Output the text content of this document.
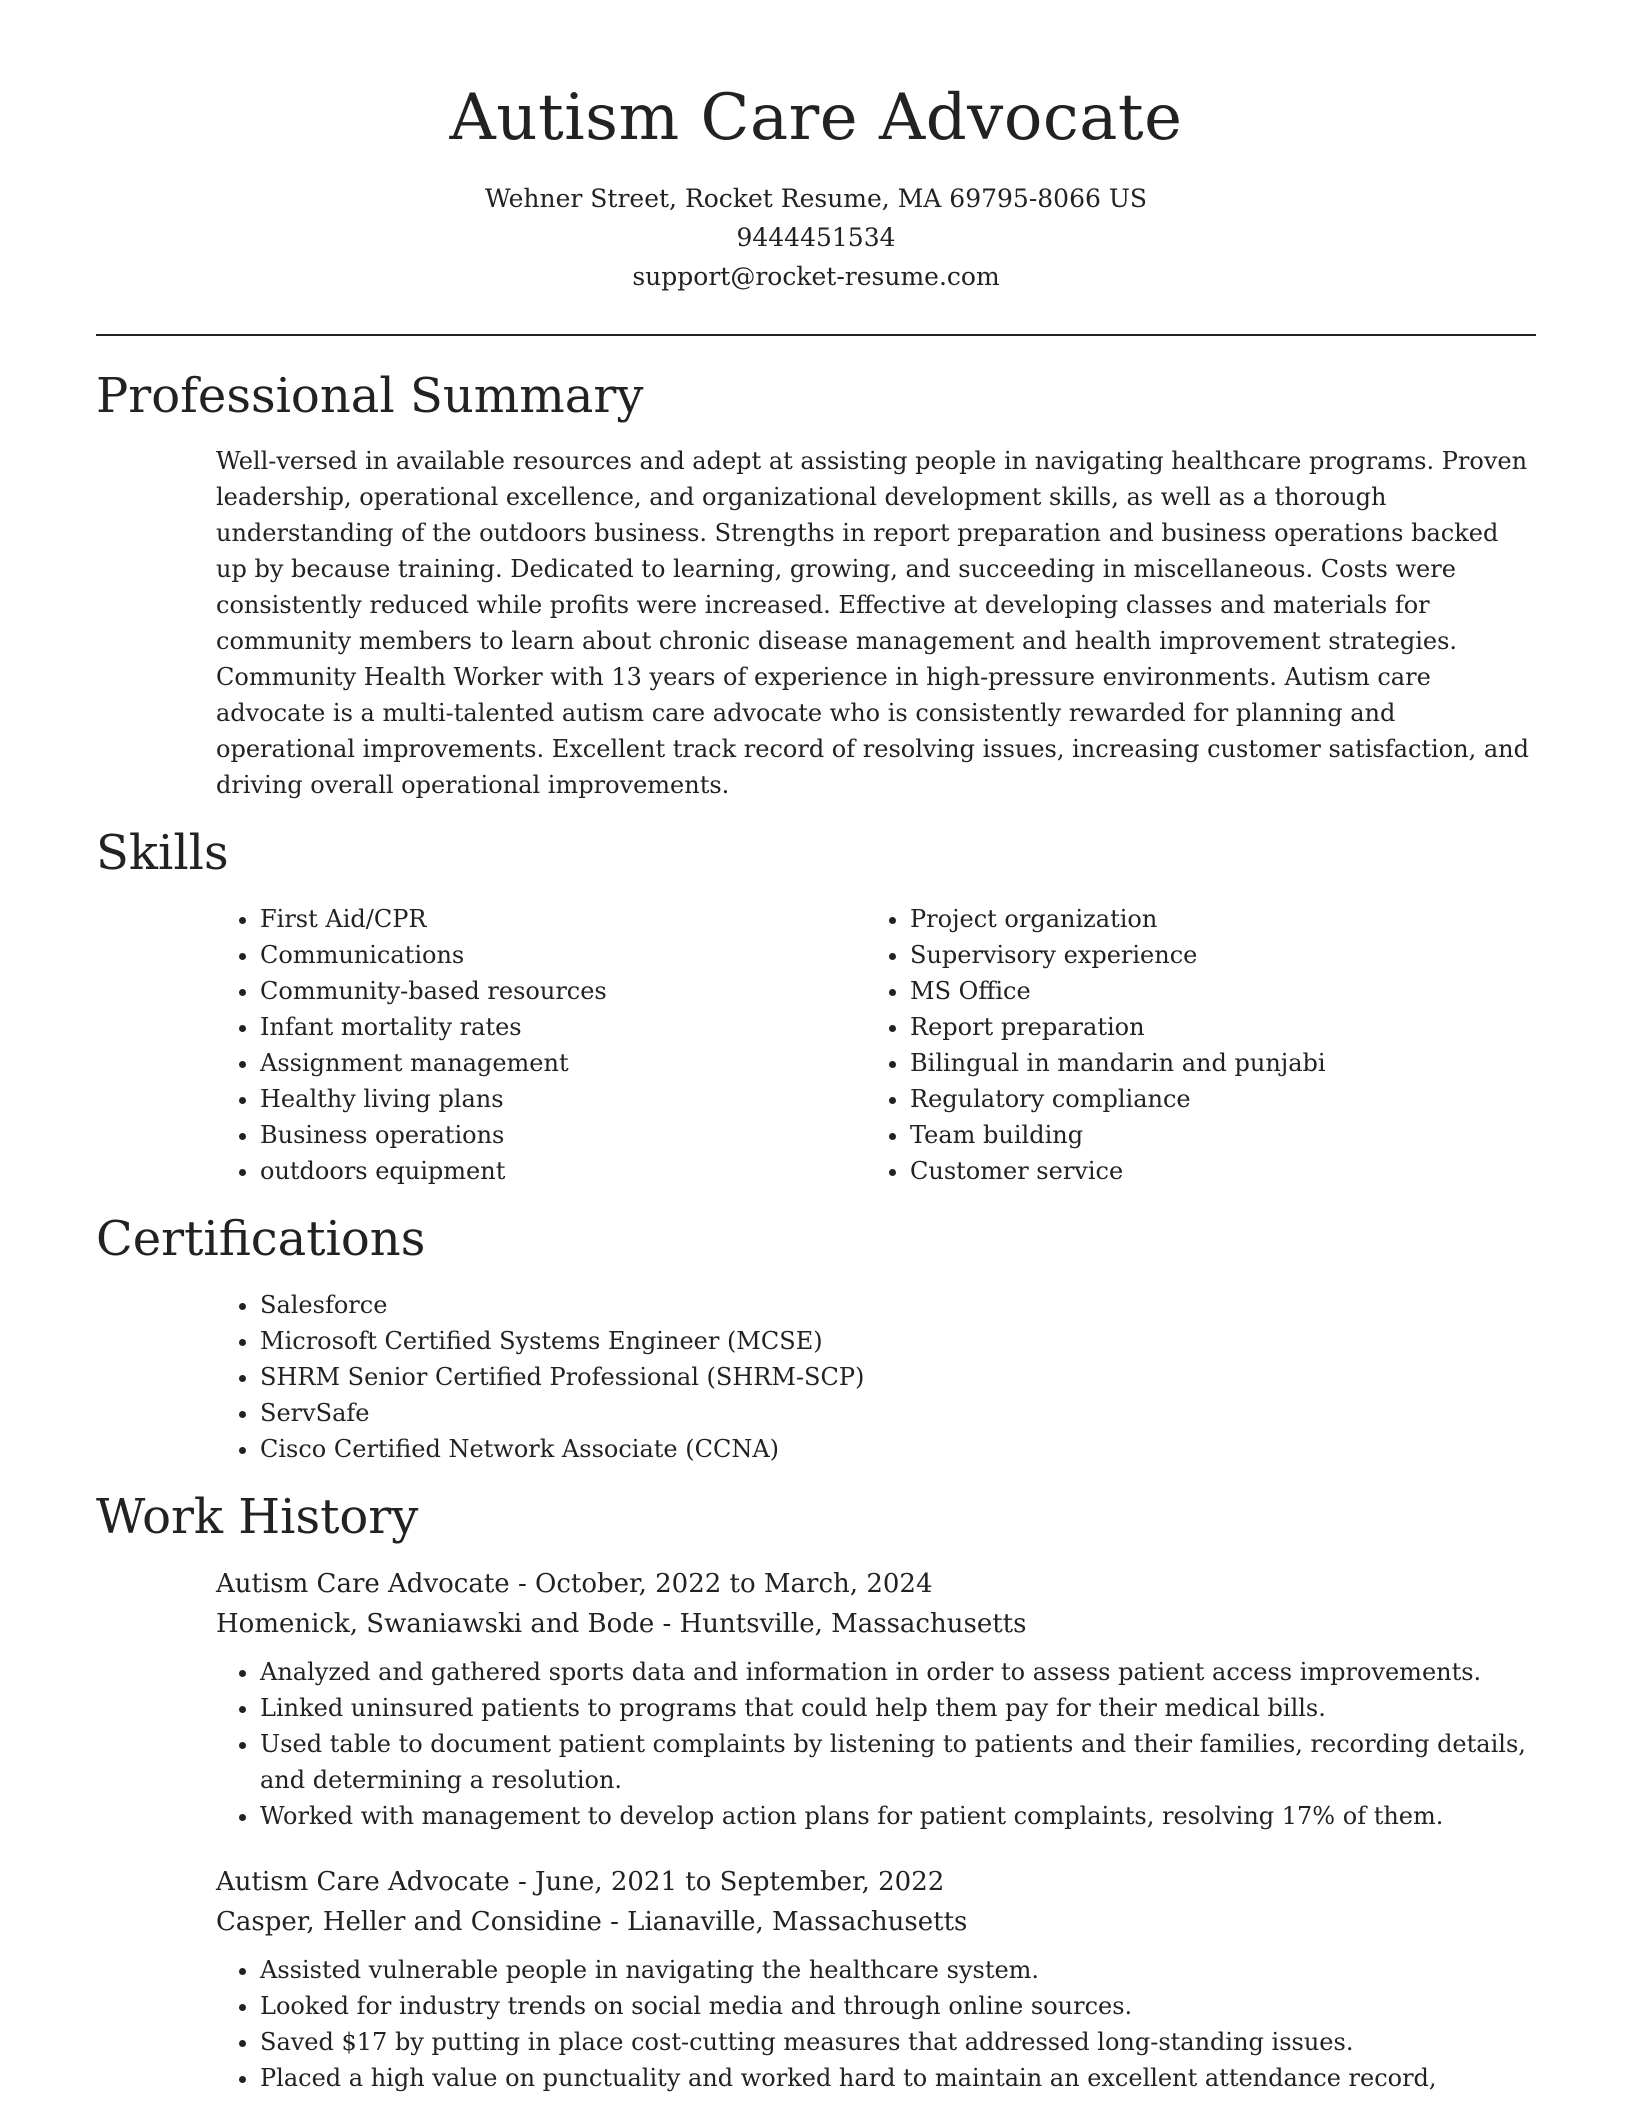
Autism Care Advocate
Wehner Street, Rocket Resume, MA 69795-8066 US
9444451534
support@rocket-resume.com
Professional Summary
Well-versed in available resources and adept at assisting people in navigating healthcare programs. Proven leadership, operational excellence, and organizational development skills, as well as a thorough understanding of the outdoors business. Strengths in report preparation and business operations backed up by because training. Dedicated to learning, growing, and succeeding in miscellaneous. Costs were consistently reduced while profits were increased. Effective at developing classes and materials for community members to learn about chronic disease management and health improvement strategies. Community Health Worker with 13 years of experience in high-pressure environments. Autism care advocate is a multi-talented autism care advocate who is consistently rewarded for planning and operational improvements. Excellent track record of resolving issues, increasing customer satisfaction, and driving overall operational improvements.
Skills
• First Aid/CPR
• Communications
• Community-based resources
• Infant mortality rates
• Assignment management
• Healthy living plans
• Business operations
• outdoors equipment
• Project organization
• Supervisory experience
• MS Office
• Report preparation
• Bilingual in mandarin and punjabi
• Regulatory compliance
• Team building
• Customer service
Certifications
• Salesforce
• Microsoft Certified Systems Engineer (MCSE)
• SHRM Senior Certified Professional (SHRM-SCP)
• ServSafe
• Cisco Certified Network Associate (CCNA)
Work History
Autism Care Advocate - October, 2022 to March, 2024
Homenick, Swaniawski and Bode - Huntsville, Massachusetts
• Analyzed and gathered sports data and information in order to assess patient access improvements.
• Linked uninsured patients to programs that could help them pay for their medical bills.
• Used table to document patient complaints by listening to patients and their families, recording details, and determining a resolution.
• Worked with management to develop action plans for patient complaints, resolving 17% of them.
Autism Care Advocate - June, 2021 to September, 2022
Casper, Heller and Considine - Lianaville, Massachusetts
• Assisted vulnerable people in navigating the healthcare system.
• Looked for industry trends on social media and through online sources.
• Saved $17 by putting in place cost-cutting measures that addressed long-standing issues.
• Placed a high value on punctuality and worked hard to maintain an excellent attendance record,
